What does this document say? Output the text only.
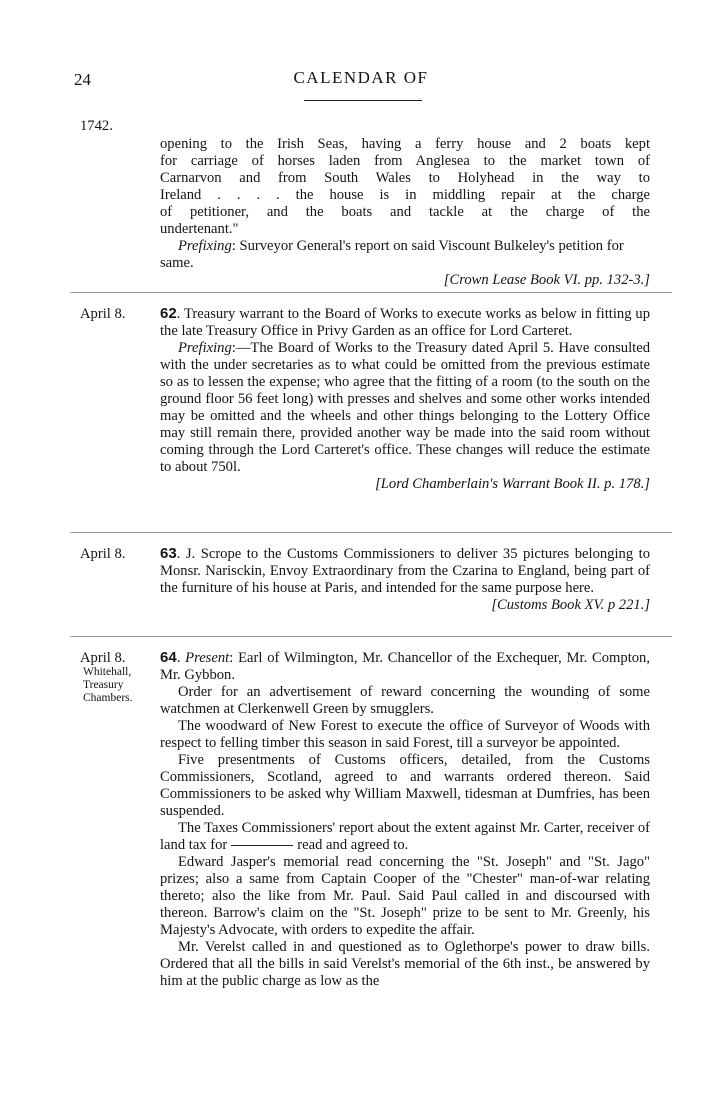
24	CALENDAR OF
1742.
opening to the Irish Seas, having a ferry house and 2 boats kept
for carriage of horses laden from Anglesea to the market town of
Carnarvon and from South Wales to Holyhead in the way to
Ireland . . . . the house is in middling repair at the charge
of petitioner, and the boats and tackle at the charge of the
undertenant."

Prefixing: Surveyor General's report on said Viscount Bulkeley's petition for same.

[Crown Lease Book VI. pp. 132-3.]
April 8. 62. Treasury warrant to the Board of Works to execute works as below in fitting up the late Treasury Office in Privy Garden as an office for Lord Carteret.

Prefixing:—The Board of Works to the Treasury dated April 5. Have consulted with the under secretaries as to what could be omitted from the previous estimate so as to lessen the expense; who agree that the fitting of a room (to the south on the ground floor 56 feet long) with presses and shelves and some other works intended may be omitted and the wheels and other things belonging to the Lottery Office may still remain there, provided another way be made into the said room without coming through the Lord Carteret's office. These changes will reduce the estimate to about 750l.

[Lord Chamberlain's Warrant Book II. p. 178.]
April 8. 63. J. Scrope to the Customs Commissioners to deliver 35 pictures belonging to Monsr. Narisckin, Envoy Extraordinary from the Czarina to England, being part of the furniture of his house at Paris, and intended for the same purpose here.

[Customs Book XV. p 221.]
April 8.
Whitehall,
Treasury
Chambers.

64. Present: Earl of Wilmington, Mr. Chancellor of the Exchequer, Mr. Compton, Mr. Gybbon.

Order for an advertisement of reward concerning the wounding of some watchmen at Clerkenwell Green by smugglers.

The woodward of New Forest to execute the office of Surveyor of Woods with respect to felling timber this season in said Forest, till a surveyor be appointed.

Five presentments of Customs officers, detailed, from the Customs Commissioners, Scotland, agreed to and warrants ordered thereon. Said Commissioners to be asked why William Maxwell, tidesman at Dumfries, has been suspended.

The Taxes Commissioners' report about the extent against Mr. Carter, receiver of land tax for	read and agreed to.

Edward Jasper's memorial read concerning the "St. Joseph" and "St. Jago" prizes; also a same from Captain Cooper of the "Chester" man-of-war relating thereto; also the like from Mr. Paul. Said Paul called in and discoursed with thereon. Barrow's claim on the "St. Joseph" prize to be sent to Mr. Greenly, his Majesty's Advocate, with orders to expedite the affair.

Mr. Verelst called in and questioned as to Oglethorpe's power to draw bills. Ordered that all the bills in said Verelst's memorial of the 6th inst., be answered by him at the public charge as low as the
